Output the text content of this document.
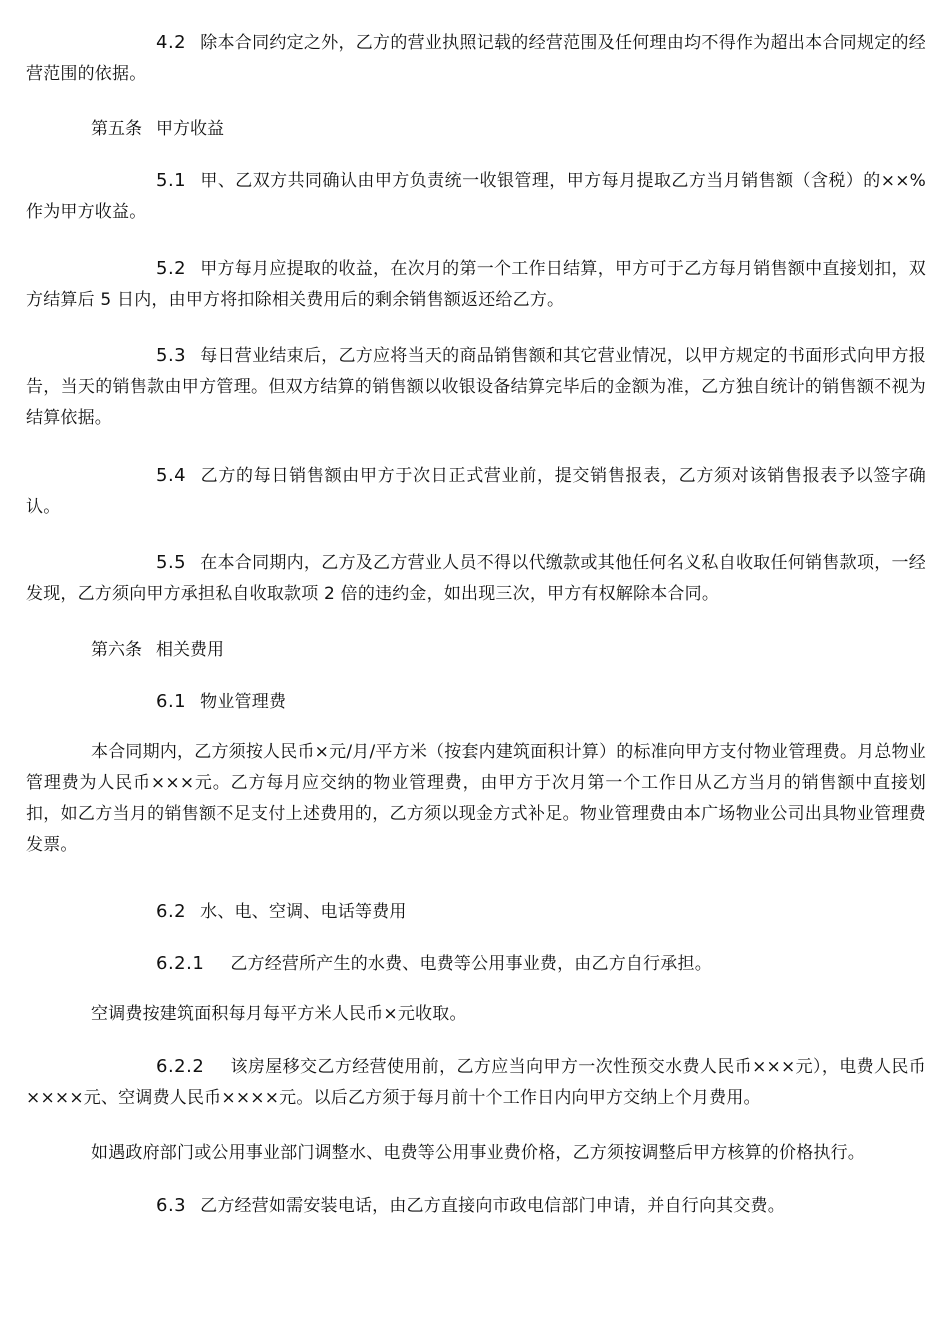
4.2 除本合同约定之外，乙方的营业执照记载的经营范围及任何理由均不得作为超出本合同规定的经营范围的依据。

第五条 甲方收益

5.1 甲、乙双方共同确认由甲方负责统一收银管理，甲方每月提取乙方当月销售额（含税）的××%作为甲方收益。

5.2 甲方每月应提取的收益，在次月的第一个工作日结算，甲方可于乙方每月销售额中直接划扣，双方结算后 5 日内，由甲方将扣除相关费用后的剩余销售额返还给乙方。

5.3 每日营业结束后，乙方应将当天的商品销售额和其它营业情况，以甲方规定的书面形式向甲方报告，当天的销售款由甲方管理。但双方结算的销售额以收银设备结算完毕后的金额为准，乙方独自统计的销售额不视为结算依据。

5.4 乙方的每日销售额由甲方于次日正式营业前，提交销售报表，乙方须对该销售报表予以签字确认。

5.5 在本合同期内，乙方及乙方营业人员不得以代缴款或其他任何名义私自收取任何销售款项，一经发现，乙方须向甲方承担私自收取款项 2 倍的违约金，如出现三次，甲方有权解除本合同。

第六条 相关费用

6.1 物业管理费

本合同期内，乙方须按人民币×元/月/平方米（按套内建筑面积计算）的标准向甲方支付物业管理费。月总物业管理费为人民币×××元。乙方每月应交纳的物业管理费，由甲方于次月第一个工作日从乙方当月的销售额中直接划扣，如乙方当月的销售额不足支付上述费用的，乙方须以现金方式补足。物业管理费由本广场物业公司出具物业管理费发票。

6.2 水、电、空调、电话等费用

6.2.1 乙方经营所产生的水费、电费等公用事业费，由乙方自行承担。

空调费按建筑面积每月每平方米人民币×元收取。

6.2.2 该房屋移交乙方经营使用前，乙方应当向甲方一次性预交水费人民币×××元），电费人民币××××元、空调费人民币××××元。以后乙方须于每月前十个工作日内向甲方交纳上个月费用。

如遇政府部门或公用事业部门调整水、电费等公用事业费价格，乙方须按调整后甲方核算的价格执行。

6.3 乙方经营如需安装电话，由乙方直接向市政电信部门申请，并自行向其交费。
